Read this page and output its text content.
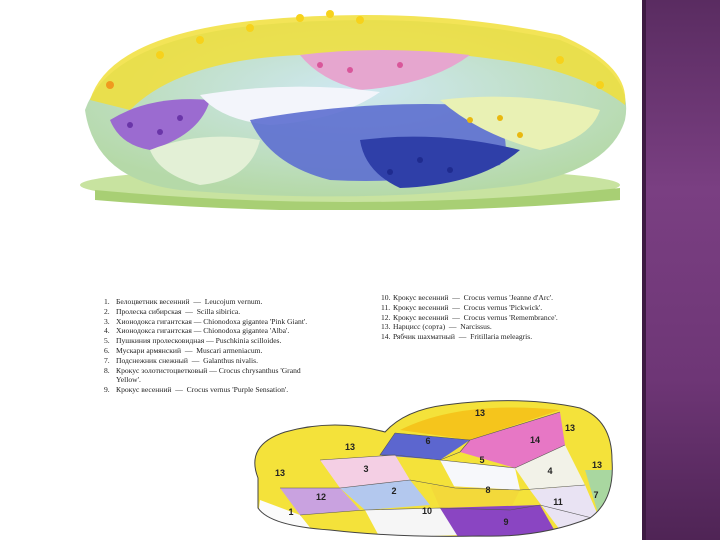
1. Белоцветник весенний  —  Leucojum vernum.
2. Пролеска сибирская  —  Scilla sibirica.
3. Хионодокса гигантская — Chionodoxa gigantea 'Pink Giant'.
4. Хионодокса гигантская — Chionodoxa gigantea 'Alba'.
5. Пушкиния пролесковидная — Puschkinia scilloides.
6. Мускари армянский  —  Muscari armeniacum.
7. Подснежник снежный  —  Galanthus nivalis.
8. Крокус золотистоцветковый — Crocus chrysanthus 'Grand
Yellow'.
9. Крокус весенний  —  Crocus vernus 'Purple Sensation'.
10. Крокус весенний  —  Crocus vernus 'Jeanne d'Arc'.
11. Крокус весенний  —  Crocus vernus 'Pickwick'.
12. Крокус весенний  —  Crocus vernus 'Remembrance'.
13. Нарцисс (сорта)  —  Narcissus.
14. Рябчик шахматный  —  Fritillaria meleagris.
13
13
13
13
13
6	14
3
5
4
12
2	8
11
7
1	10
9
